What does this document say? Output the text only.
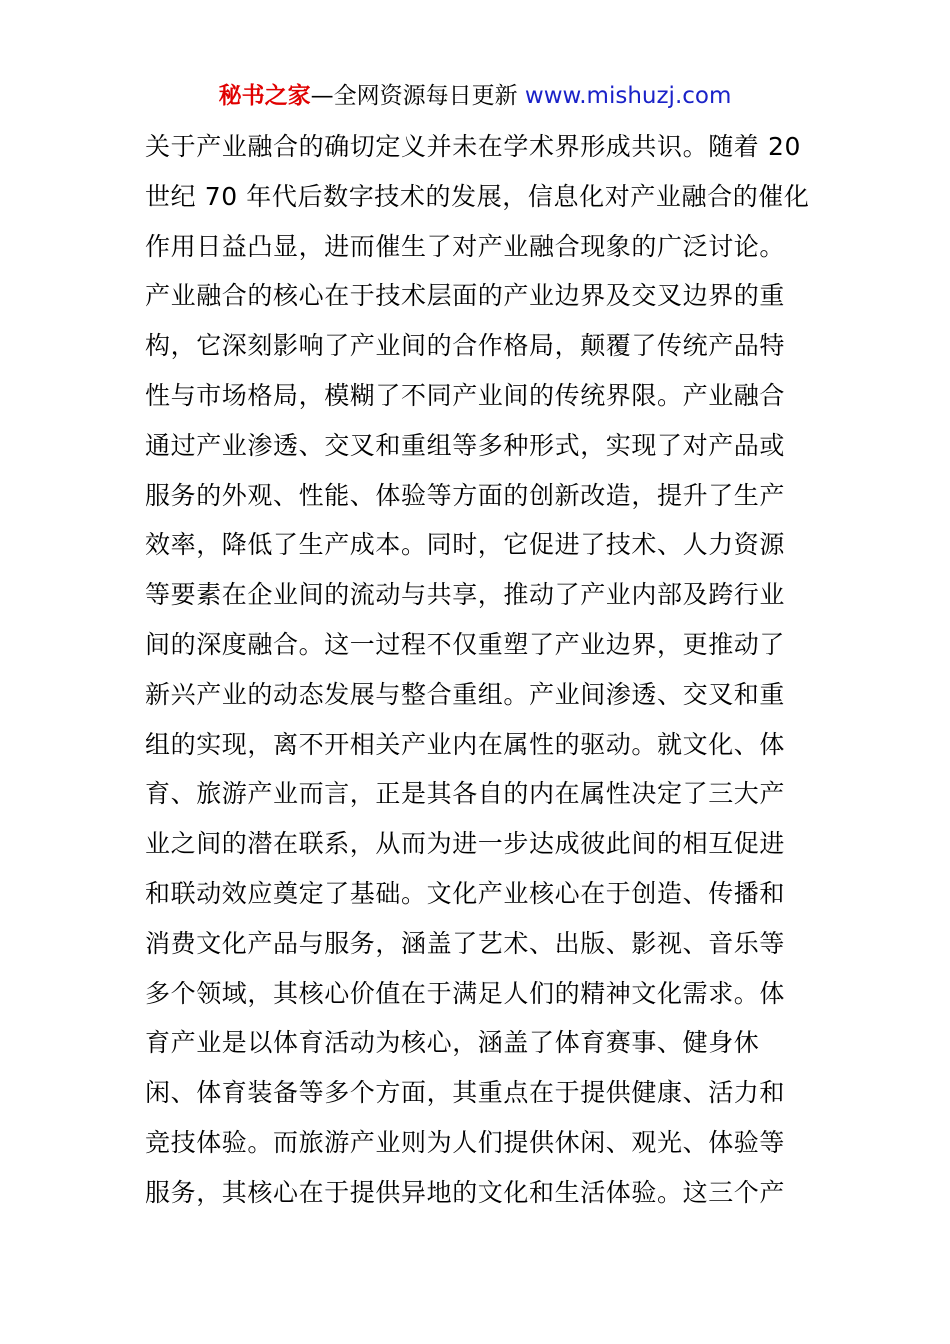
秘书之家—全网资源每日更新 www.mishuzj.com
关于产业融合的确切定义并未在学术界形成共识。随着 20
世纪 70 年代后数字技术的发展，信息化对产业融合的催化
作用日益凸显，进而催生了对产业融合现象的广泛讨论。
产业融合的核心在于技术层面的产业边界及交叉边界的重
构，它深刻影响了产业间的合作格局，颠覆了传统产品特
性与市场格局，模糊了不同产业间的传统界限。产业融合
通过产业渗透、交叉和重组等多种形式，实现了对产品或
服务的外观、性能、体验等方面的创新改造，提升了生产
效率，降低了生产成本。同时，它促进了技术、人力资源
等要素在企业间的流动与共享，推动了产业内部及跨行业
间的深度融合。这一过程不仅重塑了产业边界，更推动了
新兴产业的动态发展与整合重组。产业间渗透、交叉和重
组的实现，离不开相关产业内在属性的驱动。就文化、体
育、旅游产业而言，正是其各自的内在属性决定了三大产
业之间的潜在联系，从而为进一步达成彼此间的相互促进
和联动效应奠定了基础。文化产业核心在于创造、传播和
消费文化产品与服务，涵盖了艺术、出版、影视、音乐等
多个领域，其核心价值在于满足人们的精神文化需求。体
育产业是以体育活动为核心，涵盖了体育赛事、健身休
闲、体育装备等多个方面，其重点在于提供健康、活力和
竞技体验。而旅游产业则为人们提供休闲、观光、体验等
服务，其核心在于提供异地的文化和生活体验。这三个产
